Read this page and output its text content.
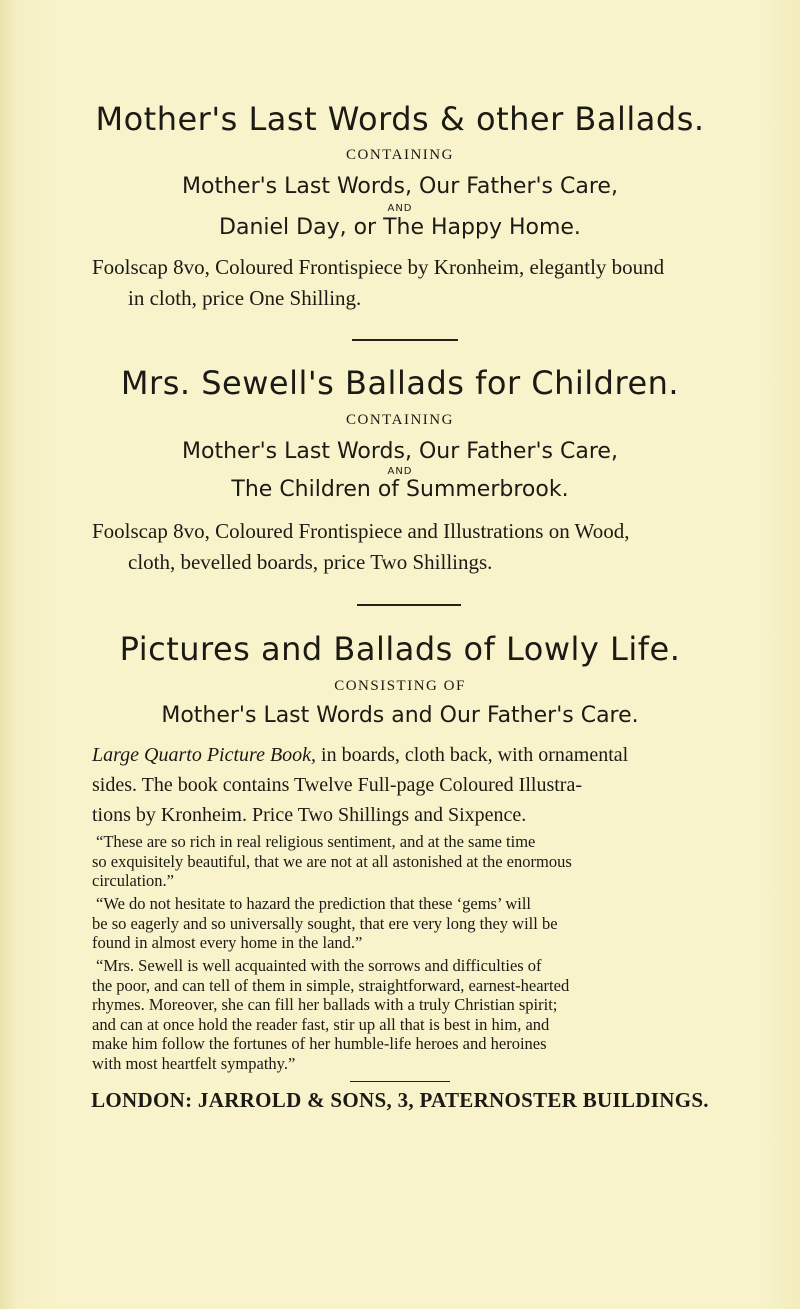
Mother's Last Words & other Ballads.
CONTAINING
Mother's Last Words, Our Father's Care,
AND
Daniel Day, or The Happy Home.
Foolscap 8vo, Coloured Frontispiece by Kronheim, elegantly bound
in cloth, price One Shilling.
Mrs. Sewell's Ballads for Children.
CONTAINING
Mother's Last Words, Our Father's Care,
AND
The Children of Summerbrook.
Foolscap 8vo, Coloured Frontispiece and Illustrations on Wood,
cloth, bevelled boards, price Two Shillings.
Pictures and Ballads of Lowly Life.
CONSISTING OF
Mother's Last Words and Our Father's Care.
Large Quarto Picture Book, in boards, cloth back, with ornamental
sides. The book contains Twelve Full-page Coloured Illustra-
tions by Kronheim. Price Two Shillings and Sixpence.
“These are so rich in real religious sentiment, and at the same time
so exquisitely beautiful, that we are not at all astonished at the enormous
circulation.”
“We do not hesitate to hazard the prediction that these ‘gems’ will
be so eagerly and so universally sought, that ere very long they will be
found in almost every home in the land.”
“Mrs. Sewell is well acquainted with the sorrows and difficulties of
the poor, and can tell of them in simple, straightforward, earnest-hearted
rhymes. Moreover, she can fill her ballads with a truly Christian spirit;
and can at once hold the reader fast, stir up all that is best in him, and
make him follow the fortunes of her humble-life heroes and heroines
with most heartfelt sympathy.”
LONDON: JARROLD & SONS, 3, PATERNOSTER BUILDINGS.
